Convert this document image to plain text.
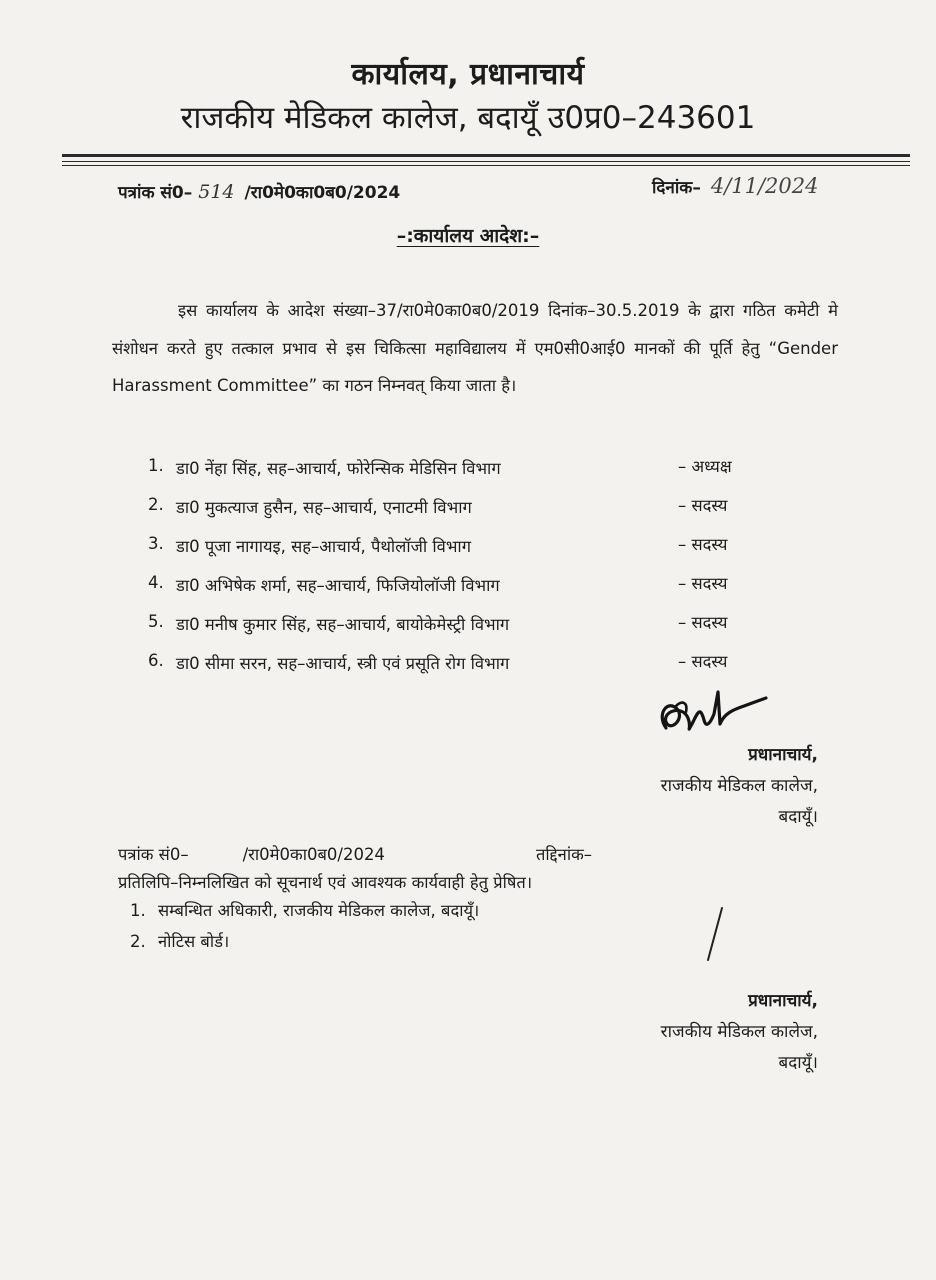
कार्यालय, प्रधानाचार्य
राजकीय मेडिकल कालेज, बदायूँ उ0प्र0–243601
पत्रांक सं0– 514 /रा0मे0का0ब0/2024	दिनांक– 4/11/2024
–:कार्यालय आदेश:–
इस कार्यालय के आदेश संख्या–37/रा0मे0का0ब0/2019 दिनांक–30.5.2019 के द्वारा गठित कमेटी मे संशोधन करते हुए तत्काल प्रभाव से इस चिकित्सा महाविद्यालय में एम0सी0आई0 मानकों की पूर्ति हेतु “Gender Harassment Committee” का गठन निम्नवत् किया जाता है।
1. डा0 नेंहा सिंह, सह–आचार्य, फोरेन्सिक मेडिसिन विभाग	– अध्यक्ष
2. डा0 मुकत्याज हुसैन, सह–आचार्य, एनाटमी विभाग	– सदस्य
3. डा0 पूजा नागायइ, सह–आचार्य, पैथोलॉजी विभाग	– सदस्य
4. डा0 अभिषेक शर्मा, सह–आचार्य, फिजियोलॉजी विभाग	– सदस्य
5. डा0 मनीष कुमार सिंह, सह–आचार्य, बायोकेमेस्ट्री विभाग	– सदस्य
6. डा0 सीमा सरन, सह–आचार्य, स्त्री एवं प्रसूति रोग विभाग	– सदस्य
प्रधानाचार्य,
राजकीय मेडिकल कालेज,
बदायूँ।
पत्रांक सं0–	/रा0मे0का0ब0/2024	तद्दिनांक–
प्रतिलिपि–निम्नलिखित को सूचनार्थ एवं आवश्यक कार्यवाही हेतु प्रेषित।
1. सम्बन्धित अधिकारी, राजकीय मेडिकल कालेज, बदायूँ।
2. नोटिस बोर्ड।
प्रधानाचार्य,
राजकीय मेडिकल कालेज,
बदायूँ।
